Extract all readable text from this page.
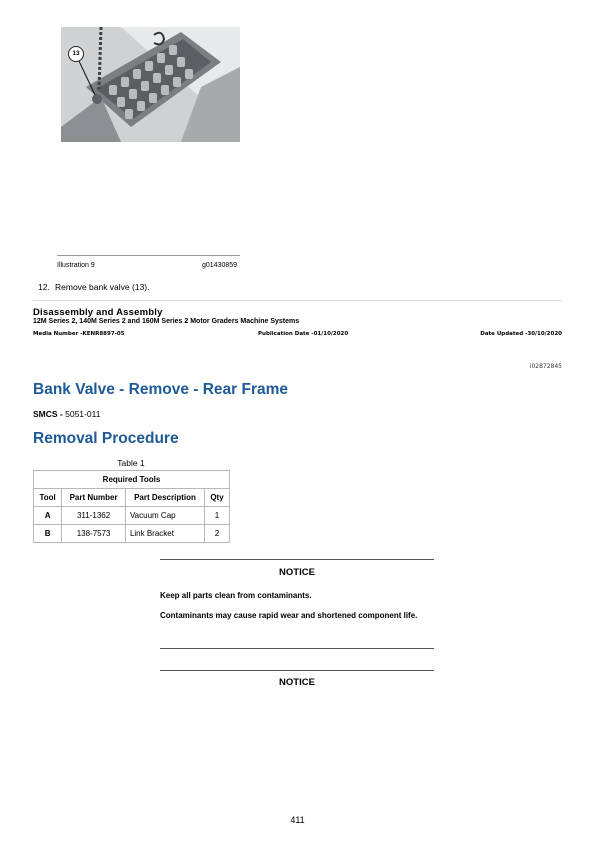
13
Illustration 9	g01430859
12. Remove bank valve (13).
Disassembly and Assembly
12M Series 2, 140M Series 2 and 160M Series 2 Motor Graders Machine Systems
Media Number -KENR8897-05	Publication Date -01/10/2020	Date Updated -30/10/2020
i02872845
Bank Valve - Remove - Rear Frame
SMCS - 5051-011
Removal Procedure
Table 1
Required Tools			
Tool	Part Number	Part Description	Qty
A	311-1362	Vacuum Cap	1
B	138-7573	Link Bracket	2
NOTICE
Keep all parts clean from contaminants.
Contaminants may cause rapid wear and shortened component life.
NOTICE
411
